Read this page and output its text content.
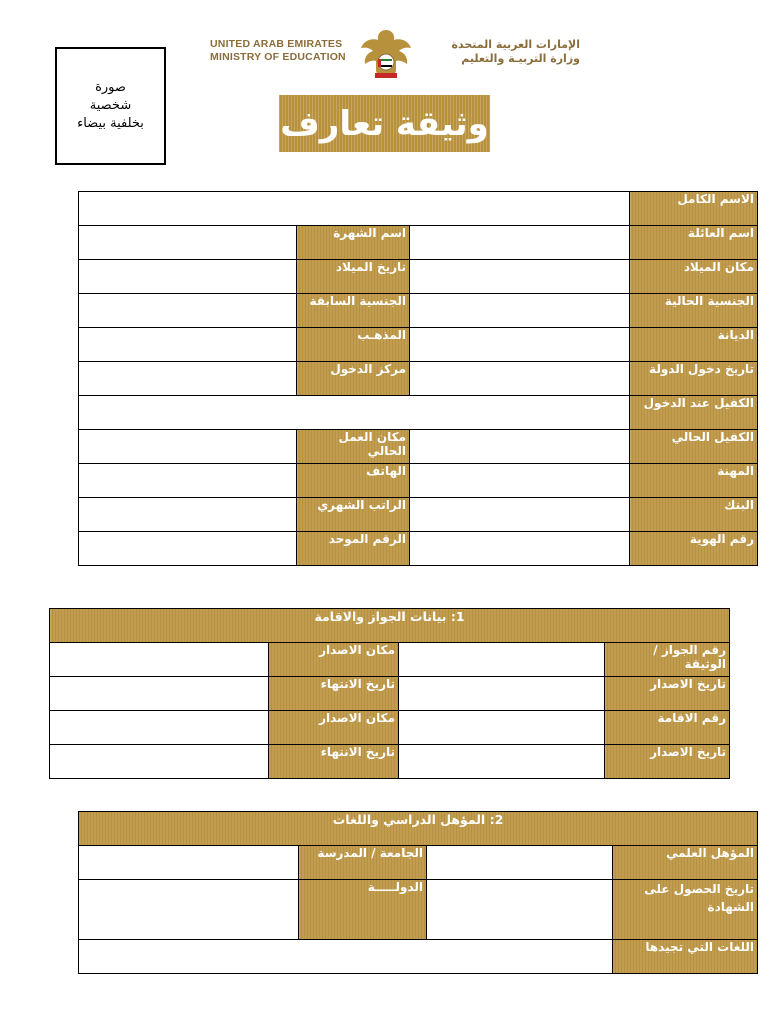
صورة
شخصية
بخلفية بيضاء
UNITED ARAB EMIRATES
MINISTRY OF EDUCATION
الإمارات العربية المتحدة
وزارة التربيـة والتعليم
وثيقة تعارف
			الاسم الكامل
	اسم الشهرة		اسم العائلة
	تاريخ الميلاد		مكان الميلاد
	الجنسية السابقة		الجنسية الحالية
	المذهـب		الديانة
	مركز الدخول		تاريخ دخول الدولة
			الكفيل عند الدخول
	مكان العمل الحالي		الكفيل الحالي
	الهاتف		المهنة
	الراتب الشهري		البنك
	الرقم الموحد		رقم الهوية
1: بيانات الجواز والاقامة			
	مكان الاصدار		رقم الجواز / الوثيقة
	تاريخ الانتهاء		تاريخ الاصدار
	مكان الاصدار		رقم الاقامة
	تاريخ الانتهاء		تاريخ الاصدار
2: المؤهل الدراسي واللغات			
	الجامعة / المدرسة		المؤهل العلمي
	الدولـــــة		تاريخ الحصول على الشهادة
			اللغات التي تجيدها
